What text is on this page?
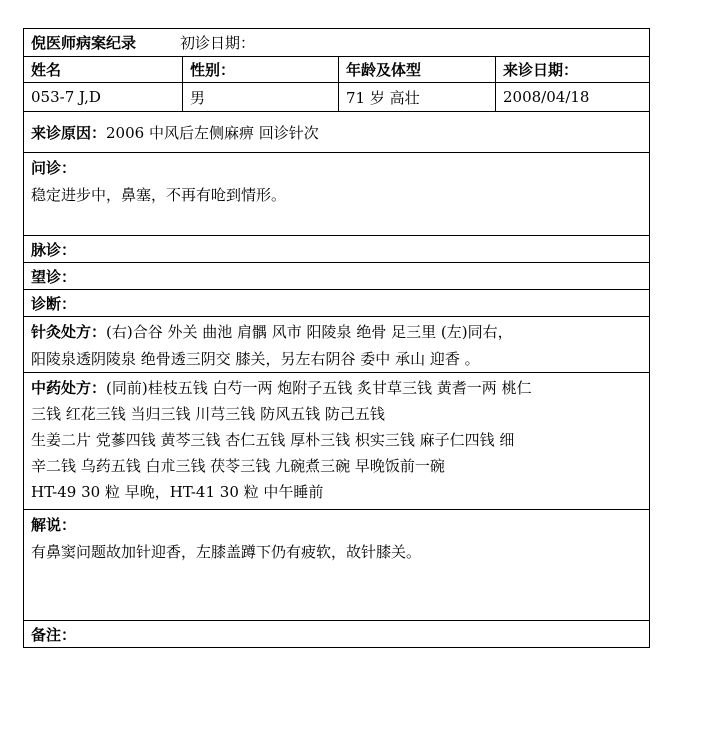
倪医师病案纪录	初诊日期：
姓名	性别：	年龄及体型	来诊日期：
053-7 J,D	男	71 岁 高壮	2008/04/18
来诊原因： 2006 中风后左侧麻痹 回诊针次
问诊：
稳定进步中，鼻塞，不再有呛到情形。
脉诊：
望诊：
诊断：
针灸处方：(右)合谷 外关 曲池 肩髃 风市 阳陵泉 绝骨 足三里 (左)同右，
阳陵泉透阴陵泉 绝骨透三阴交 膝关，另左右阴谷 委中 承山 迎香 。
中药处方：(同前)桂枝五钱 白芍一两 炮附子五钱 炙甘草三钱 黄耆一两 桃仁
三钱 红花三钱 当归三钱 川芎三钱 防风五钱 防己五钱
生姜二片 党蔘四钱 黄芩三钱 杏仁五钱 厚朴三钱 枳实三钱 麻子仁四钱 细
辛二钱 乌药五钱 白朮三钱 茯苓三钱 九碗煮三碗 早晚饭前一碗
HT-49 30 粒 早晚，HT-41 30 粒 中午睡前
解说：
有鼻窦问题故加针迎香，左膝盖蹲下仍有疲软，故针膝关。
备注：
